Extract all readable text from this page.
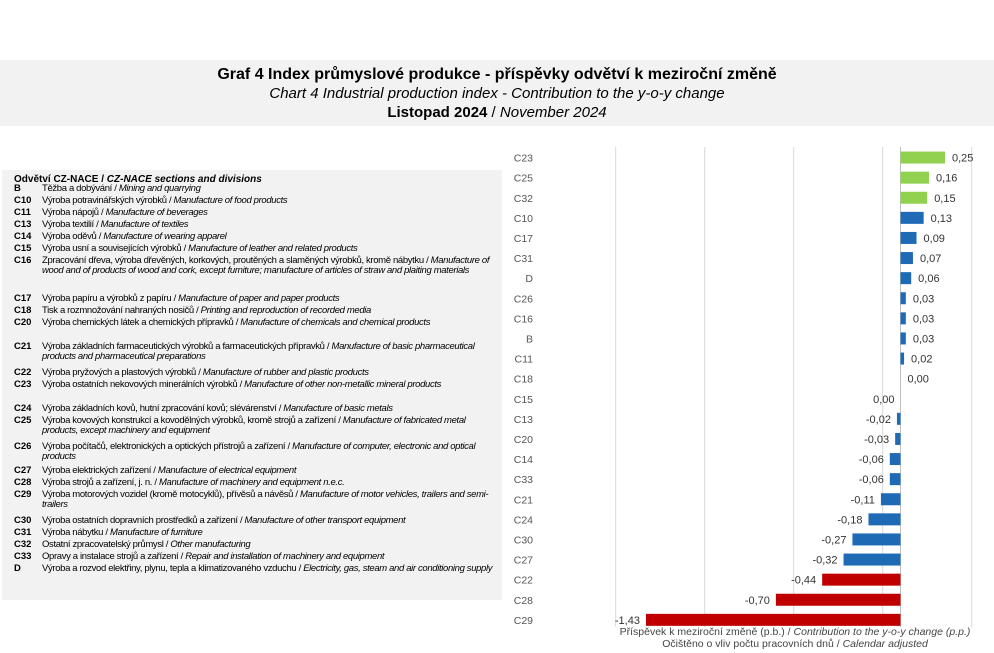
Graf 4 Index průmyslové produkce - příspěvky odvětví k meziroční změně
Chart 4 Industrial production index - Contribution to the y-o-y change
Listopad 2024 / November 2024
Odvětví CZ-NACE / CZ-NACE sections and divisions
B	Těžba a dobývání / Mining and quarrying
C10	Výroba potravinářských výrobků / Manufacture of food products
C11	Výroba nápojů / Manufacture of beverages
C13	Výroba textilií / Manufacture of textiles
C14	Výroba oděvů / Manufacture of wearing apparel
C15	Výroba usní a souvisejících výrobků / Manufacture of leather and related products
C16	Zpracování dřeva, výroba dřevěných, korkových, proutěných a slaměných výrobků, kromě nábytku / Manufacture of wood and of products of wood and cork, except furniture; manufacture of articles of straw and plaiting materials
C17	Výroba papíru a výrobků z papíru / Manufacture of paper and paper products
C18	Tisk a rozmnožování nahraných nosičů / Printing and reproduction of recorded media
C20	Výroba chemických látek a chemických přípravků / Manufacture of chemicals and chemical products
C21	Výroba základních farmaceutických výrobků a farmaceutických přípravků / Manufacture of basic pharmaceutical products and pharmaceutical preparations
C22	Výroba pryžových a plastových výrobků / Manufacture of rubber and plastic products
C23	Výroba ostatních nekovových minerálních výrobků / Manufacture of other non-metallic mineral products
C24	Výroba základních kovů, hutní zpracování kovů; slévárenství / Manufacture of basic metals
C25	Výroba kovových konstrukcí a kovodělných výrobků, kromě strojů a zařízení / Manufacture of fabricated metal products, except machinery and equipment
C26	Výroba počítačů, elektronických a optických přístrojů a zařízení / Manufacture of computer, electronic and optical products
C27	Výroba elektrických zařízení / Manufacture of electrical equipment
C28	Výroba strojů a zařízení, j. n. / Manufacture of machinery and equipment n.e.c.
C29	Výroba motorových vozidel (kromě motocyklů), přívěsů a návěsů / Manufacture of motor vehicles, trailers and semi-trailers
C30	Výroba ostatních dopravních prostředků a zařízení / Manufacture of other transport equipment
C31	Výroba nábytku / Manufacture of furniture
C32	Ostatní zpracovatelský průmysl / Other manufacturing
C33	Opravy a instalace strojů a zařízení / Repair and installation of machinery and equipment
D	Výroba a rozvod elektřiny, plynu, tepla a klimatizovaného vzduchu / Electricity, gas, steam and air conditioning supply
C23	0,25
C25	0,16
C32	0,15
C10	0,13
C17	0,09
C31	0,07
D	0,06
C26	0,03
C16	0,03
B	0,03
C11	0,02
C18	0,00
C15	0,00
C13	-0,02
C20	-0,03
C14	-0,06
C33	-0,06
C21	-0,11
C24	-0,18
C30	-0,27
C27	-0,32
C22	-0,44
C28	-0,70
C29	-1,43
Příspěvek k meziroční změně (p.b.) / Contribution to the y-o-y change (p.p.)
Očištěno o vliv počtu pracovních dnů / Calendar adjusted
